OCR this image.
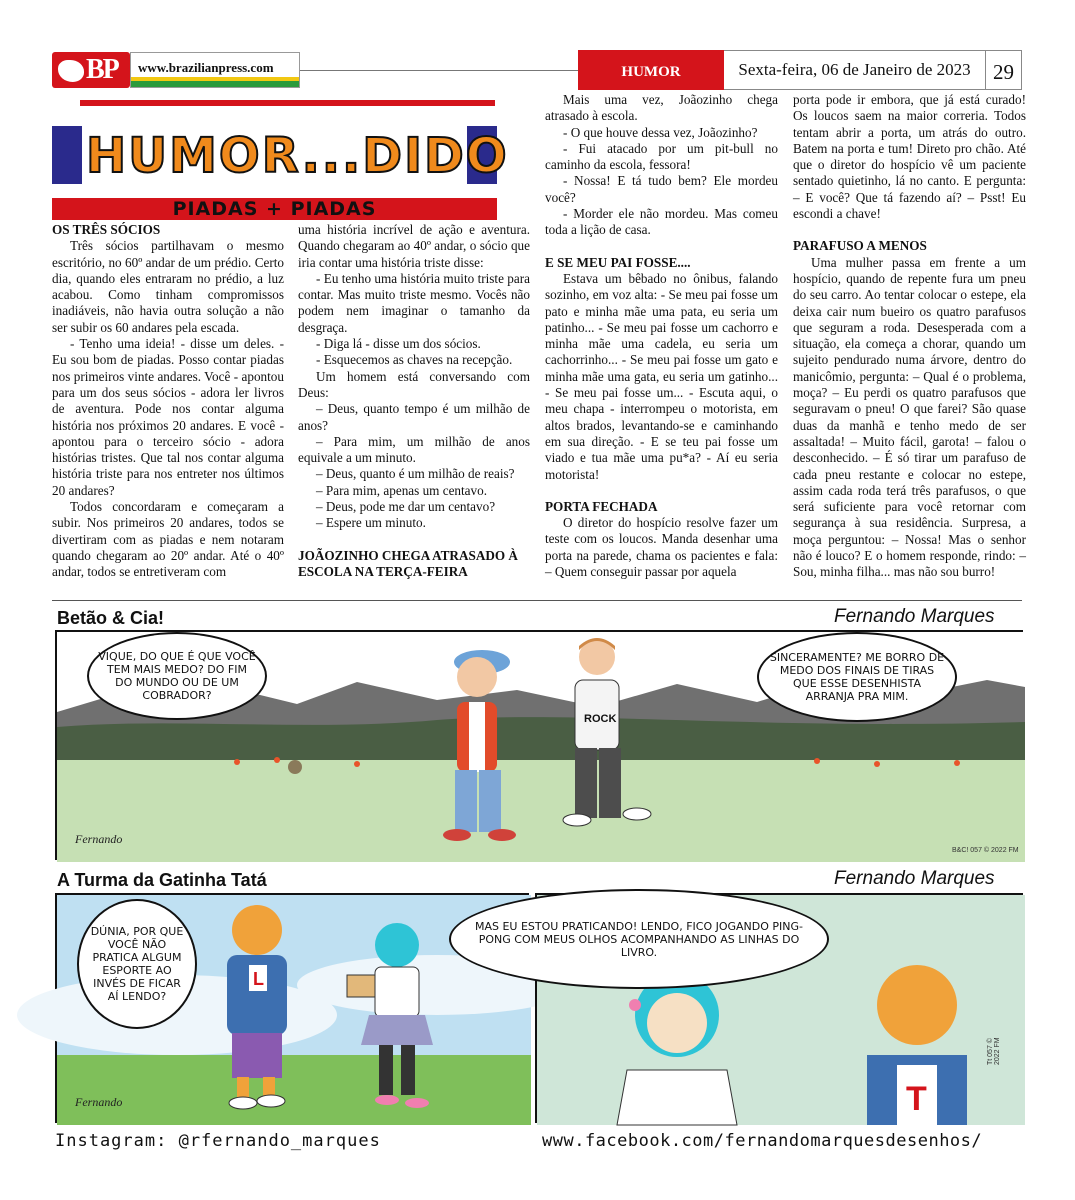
BP www.brazilianpress.com	HUMOR	Sexta-feira, 06 de Janeiro de 2023	29
HUMOR...DIDO
PIADAS + PIADAS

OS TRÊS SÓCIOS

Três sócios partilhavam o mesmo escritório, no 60º andar de um prédio. Certo dia, quando eles entraram no prédio, a luz acabou. Como tinham compromissos inadiáveis, não havia outra solução a não ser subir os 60 andares pela escada.

- Tenho uma ideia! - disse um deles. - Eu sou bom de piadas. Posso contar piadas nos primeiros vinte andares. Você - apontou para um dos seus sócios - adora ler livros de aventura. Pode nos contar alguma história nos próximos 20 andares. E você - apontou para o terceiro sócio - adora histórias tristes. Que tal nos contar alguma história triste para nos entreter nos últimos 20 andares?

Todos concordaram e começaram a subir. Nos primeiros 20 andares, todos se divertiram com as piadas e nem notaram quando chegaram ao 20º andar. Até o 40º andar, todos se entretiveram com

uma história incrível de ação e aventura. Quando chegaram ao 40º andar, o sócio que iria contar uma história triste disse:

- Eu tenho uma história muito triste para contar. Mas muito triste mesmo. Vocês não podem nem imaginar o tamanho da desgraça.

- Diga lá - disse um dos sócios.

- Esquecemos as chaves na recepção.

Um homem está conversando com Deus:

– Deus, quanto tempo é um milhão de anos?

– Para mim, um milhão de anos equivale a um minuto.

– Deus, quanto é um milhão de reais?

– Para mim, apenas um centavo.

– Deus, pode me dar um centavo?

– Espere um minuto.

JOÃOZINHO CHEGA ATRASADO À ESCOLA NA TERÇA-FEIRA

Mais uma vez, Joãozinho chega atrasado à escola.

- O que houve dessa vez, Joãozinho?

- Fui atacado por um pit-bull no caminho da escola, fessora!

- Nossa! E tá tudo bem? Ele mordeu você?

- Morder ele não mordeu. Mas comeu toda a lição de casa.

E SE MEU PAI FOSSE....

Estava um bêbado no ônibus, falando sozinho, em voz alta: - Se meu pai fosse um pato e minha mãe uma pata, eu seria um patinho... - Se meu pai fosse um cachorro e minha mãe uma cadela, eu seria um cachorrinho... - Se meu pai fosse um gato e minha mãe uma gata, eu seria um gatinho... - Se meu pai fosse um... - Escuta aqui, o meu chapa - interrompeu o motorista, em altos brados, levantando-se e caminhando em sua direção. - E se teu pai fosse um viado e tua mãe uma pu*a? - Aí eu seria motorista!

PORTA FECHADA

O diretor do hospício resolve fazer um teste com os loucos. Manda desenhar uma porta na parede, chama os pacientes e fala: – Quem conseguir passar por aquela

porta pode ir embora, que já está curado! Os loucos saem na maior correria. Todos tentam abrir a porta, um atrás do outro. Batem na porta e tum! Direto pro chão. Até que o diretor do hospício vê um paciente sentado quietinho, lá no canto. E pergunta: – E você? Que tá fazendo aí? – Psst! Eu escondi a chave!

PARAFUSO A MENOS

Uma mulher passa em frente a um hospício, quando de repente fura um pneu do seu carro. Ao tentar colocar o estepe, ela deixa cair num bueiro os quatro parafusos que seguram a roda. Desesperada com a situação, ela começa a chorar, quando um sujeito pendurado numa árvore, dentro do manicômio, pergunta: – Qual é o problema, moça? – Eu perdi os quatro parafusos que seguravam o pneu! O que farei? São quase duas da manhã e tenho medo de ser assaltada! – Muito fácil, garota! – falou o desconhecido. – É só tirar um parafuso de cada pneu restante e colocar no estepe, assim cada roda terá três parafusos, o que será suficiente para você retornar com segurança à sua residência. Surpresa, a moça perguntou: – Nossa! Mas o senhor não é louco? E o homem responde, rindo: – Sou, minha filha... mas não sou burro!

Betão & Cia!	Fernando Marques
ROCK
VIQUE, DO QUE É QUE VOCÊ TEM MAIS MEDO? DO FIM DO MUNDO OU DE UM COBRADOR?
SINCERAMENTE? ME BORRO DE MEDO DOS FINAIS DE TIRAS QUE ESSE DESENHISTA ARRANJA PRA MIM.
Fernando
B&C! 057 © 2022 FM
A Turma da Gatinha Tatá	Fernando Marques
L
DÚNIA, POR QUE VOCÊ NÃO PRATICA ALGUM ESPORTE AO INVÉS DE FICAR AÍ LENDO?
Fernando	T
MAS EU ESTOU PRATICANDO! LENDO, FICO JOGANDO PING-PONG COM MEUS OLHOS ACOMPANHANDO AS LINHAS DO LIVRO.
Tt 057 © 2022 FM
Instagram: @rfernando_marques	www.facebook.com/fernandomarquesdesenhos/
